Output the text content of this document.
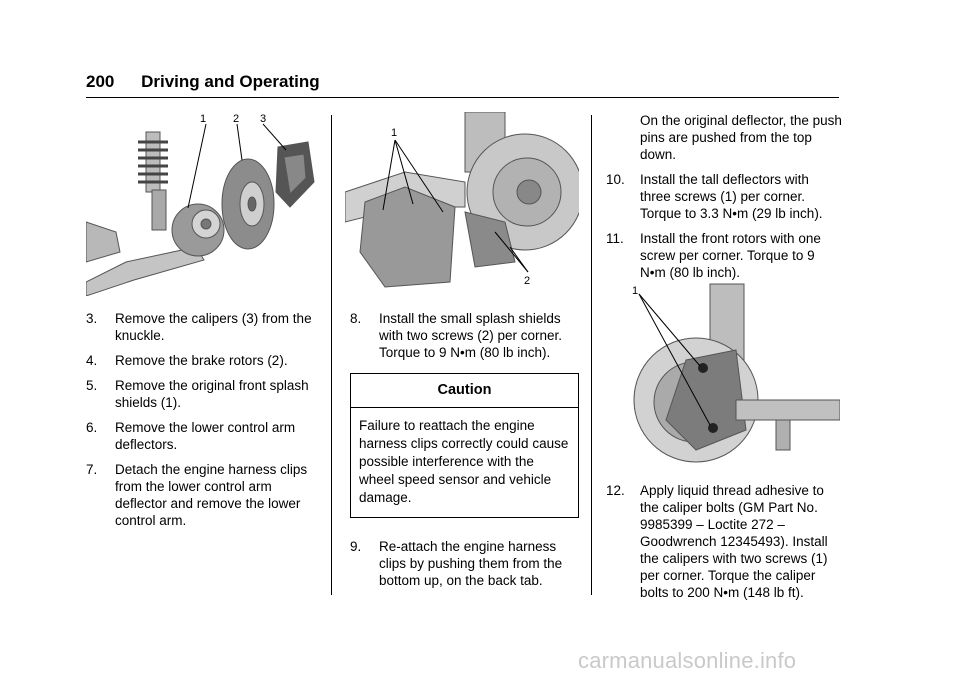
200 Driving and Operating
1 2 3
3. Remove the calipers (3) from the knuckle.
4. Remove the brake rotors (2).
5. Remove the original front splash shields (1).
6. Remove the lower control arm deflectors.
7. Detach the engine harness clips from the lower control arm deflector and remove the lower control arm.
1
2
8. Install the small splash shields with two screws (2) per corner. Torque to 9 N•m (80 lb inch).
Caution
Failure to reattach the engine harness clips correctly could cause possible interference with the wheel speed sensor and vehicle damage.
9. Re-attach the engine harness clips by pushing them from the bottom up, on the back tab.
On the original deflector, the push pins are pushed from the top down.
10. Install the tall deflectors with three screws (1) per corner. Torque to 3.3 N•m (29 lb inch).
11. Install the front rotors with one screw per corner. Torque to 9 N•m (80 lb inch).
1
12. Apply liquid thread adhesive to the caliper bolts (GM Part No. 9985399 – Loctite 272 – Goodwrench 12345493). Install the calipers with two screws (1) per corner. Torque the caliper bolts to 200 N•m (148 lb ft).
carmanualsonline.info
